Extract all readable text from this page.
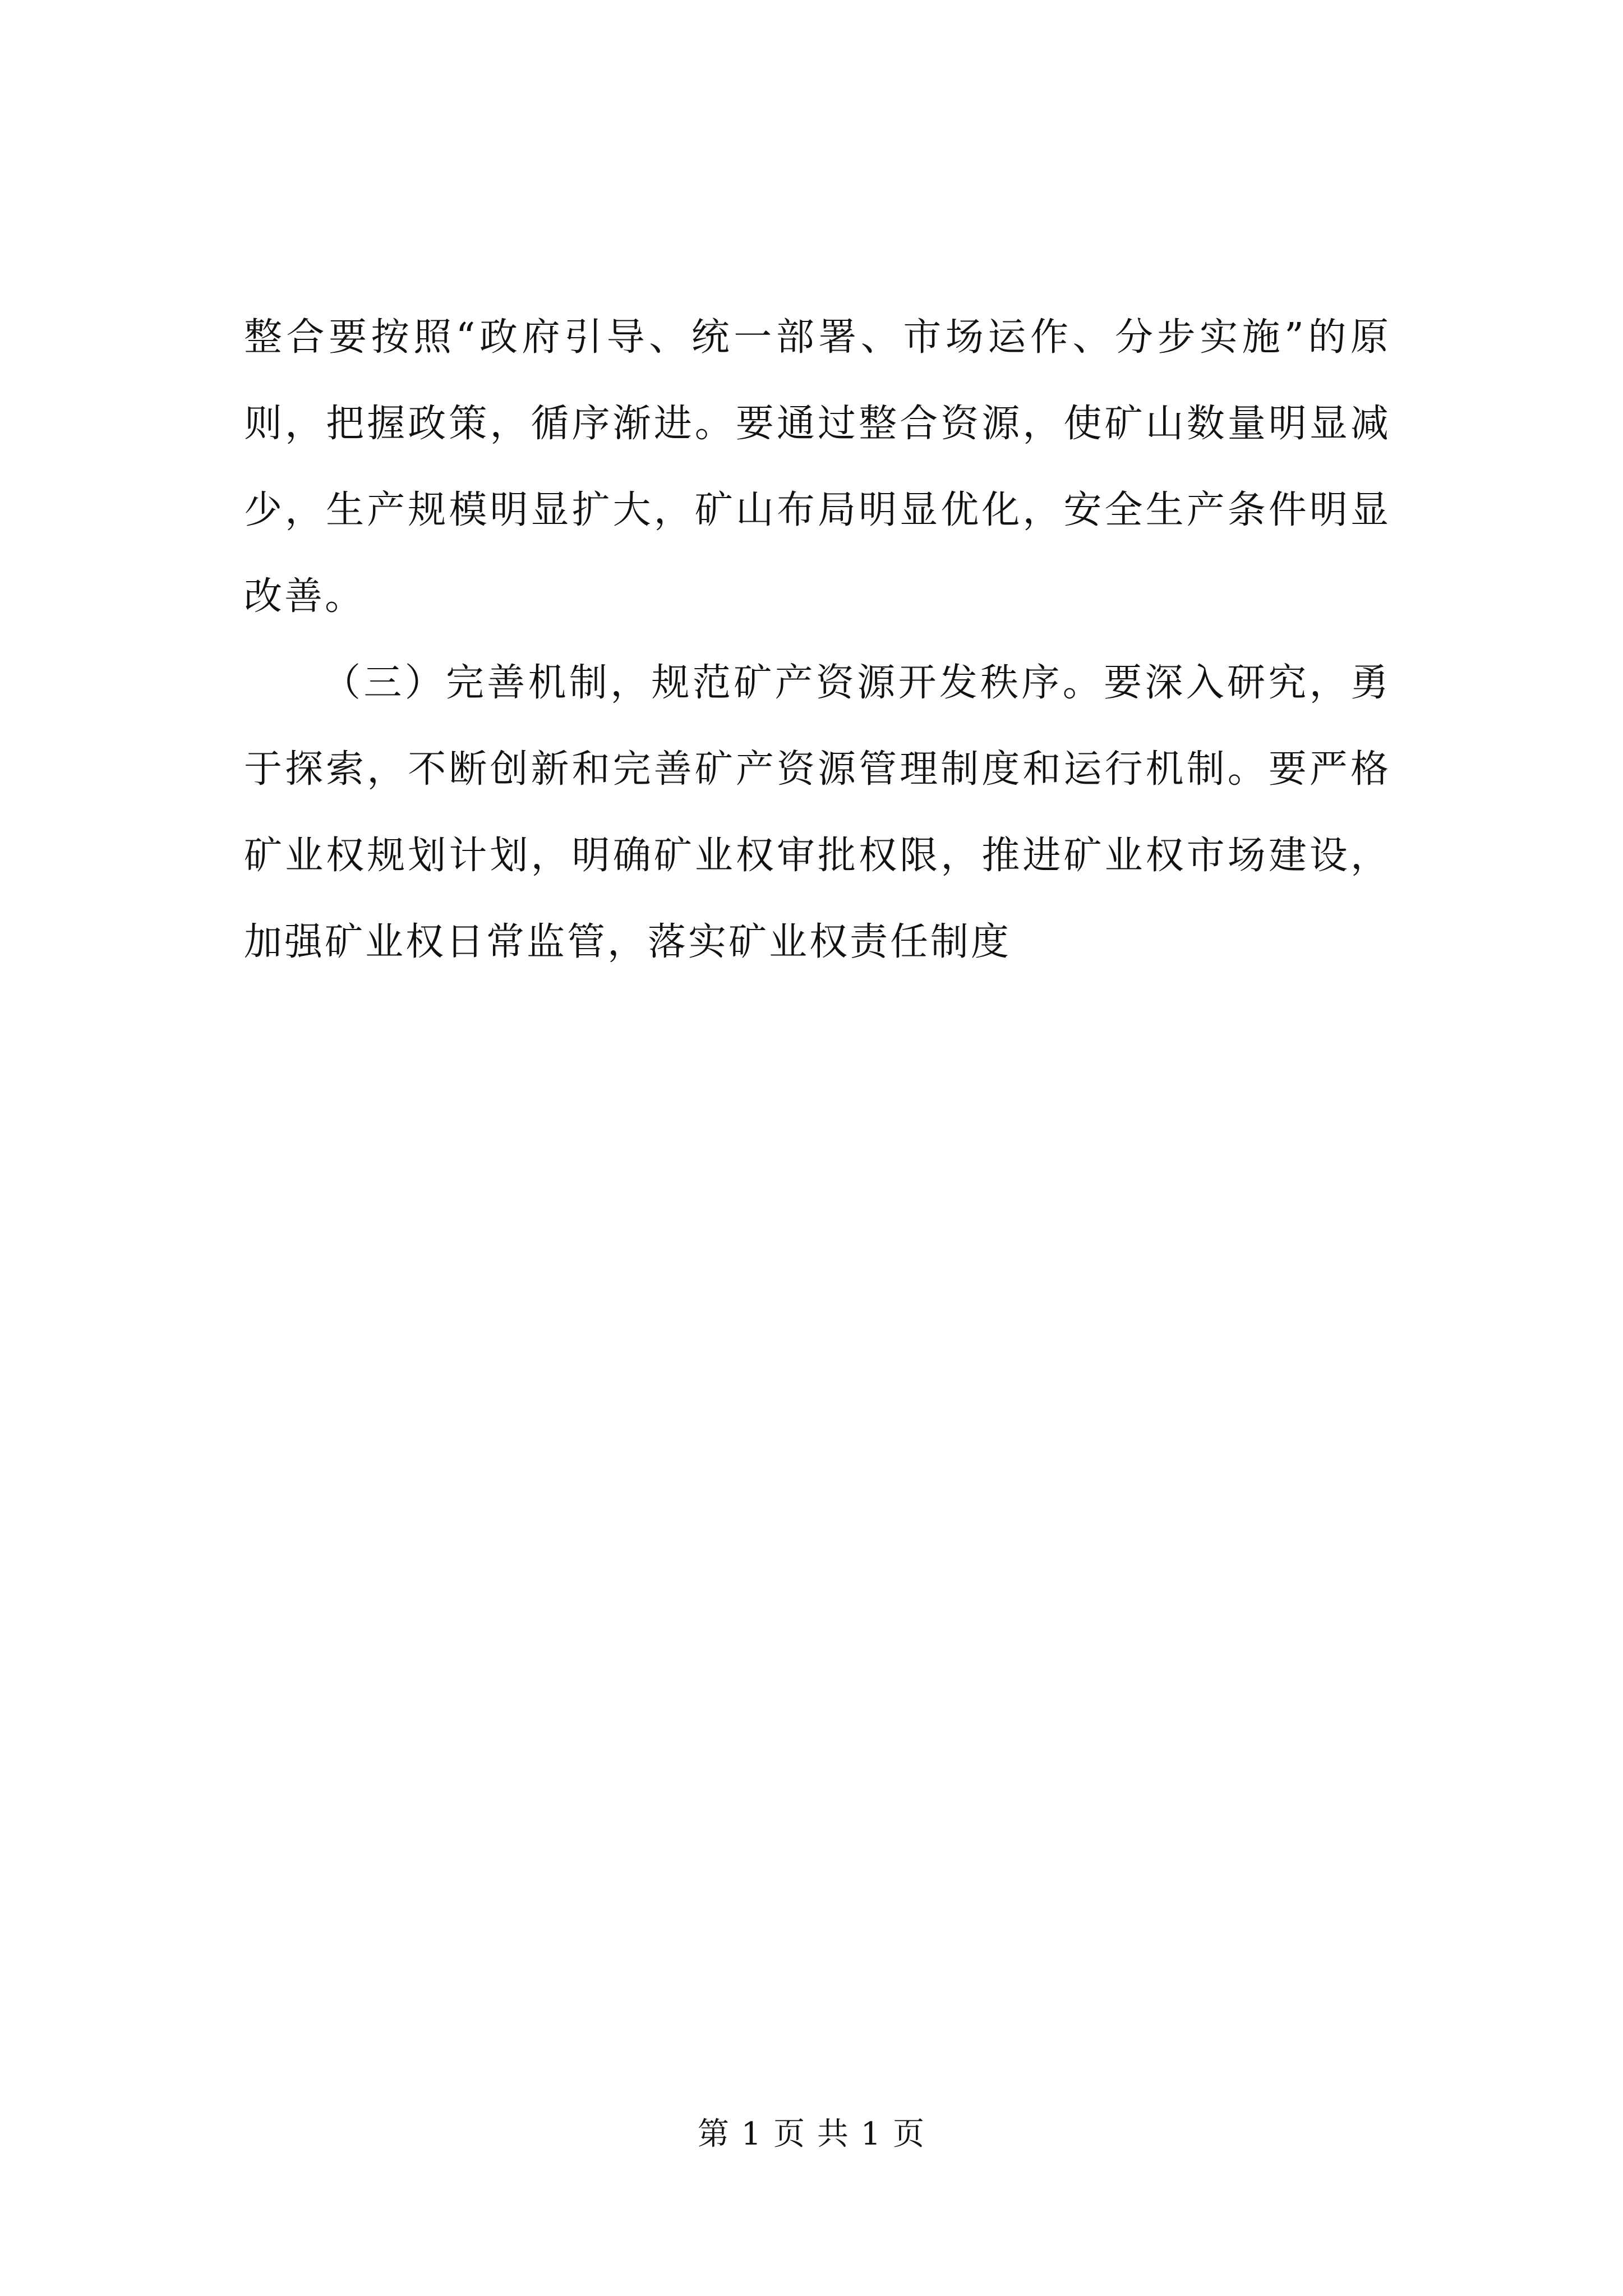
整合要按照“政府引导、统一部署、市场运作、分步实施”的原
则，把握政策，循序渐进。要通过整合资源，使矿山数量明显减
少，生产规模明显扩大，矿山布局明显优化，安全生产条件明显
改善。
（三）完善机制，规范矿产资源开发秩序。要深入研究，勇
于探索，不断创新和完善矿产资源管理制度和运行机制。要严格
矿业权规划计划，明确矿业权审批权限，推进矿业权市场建设，
加强矿业权日常监管，落实矿业权责任制度
第 1 页 共 1 页
